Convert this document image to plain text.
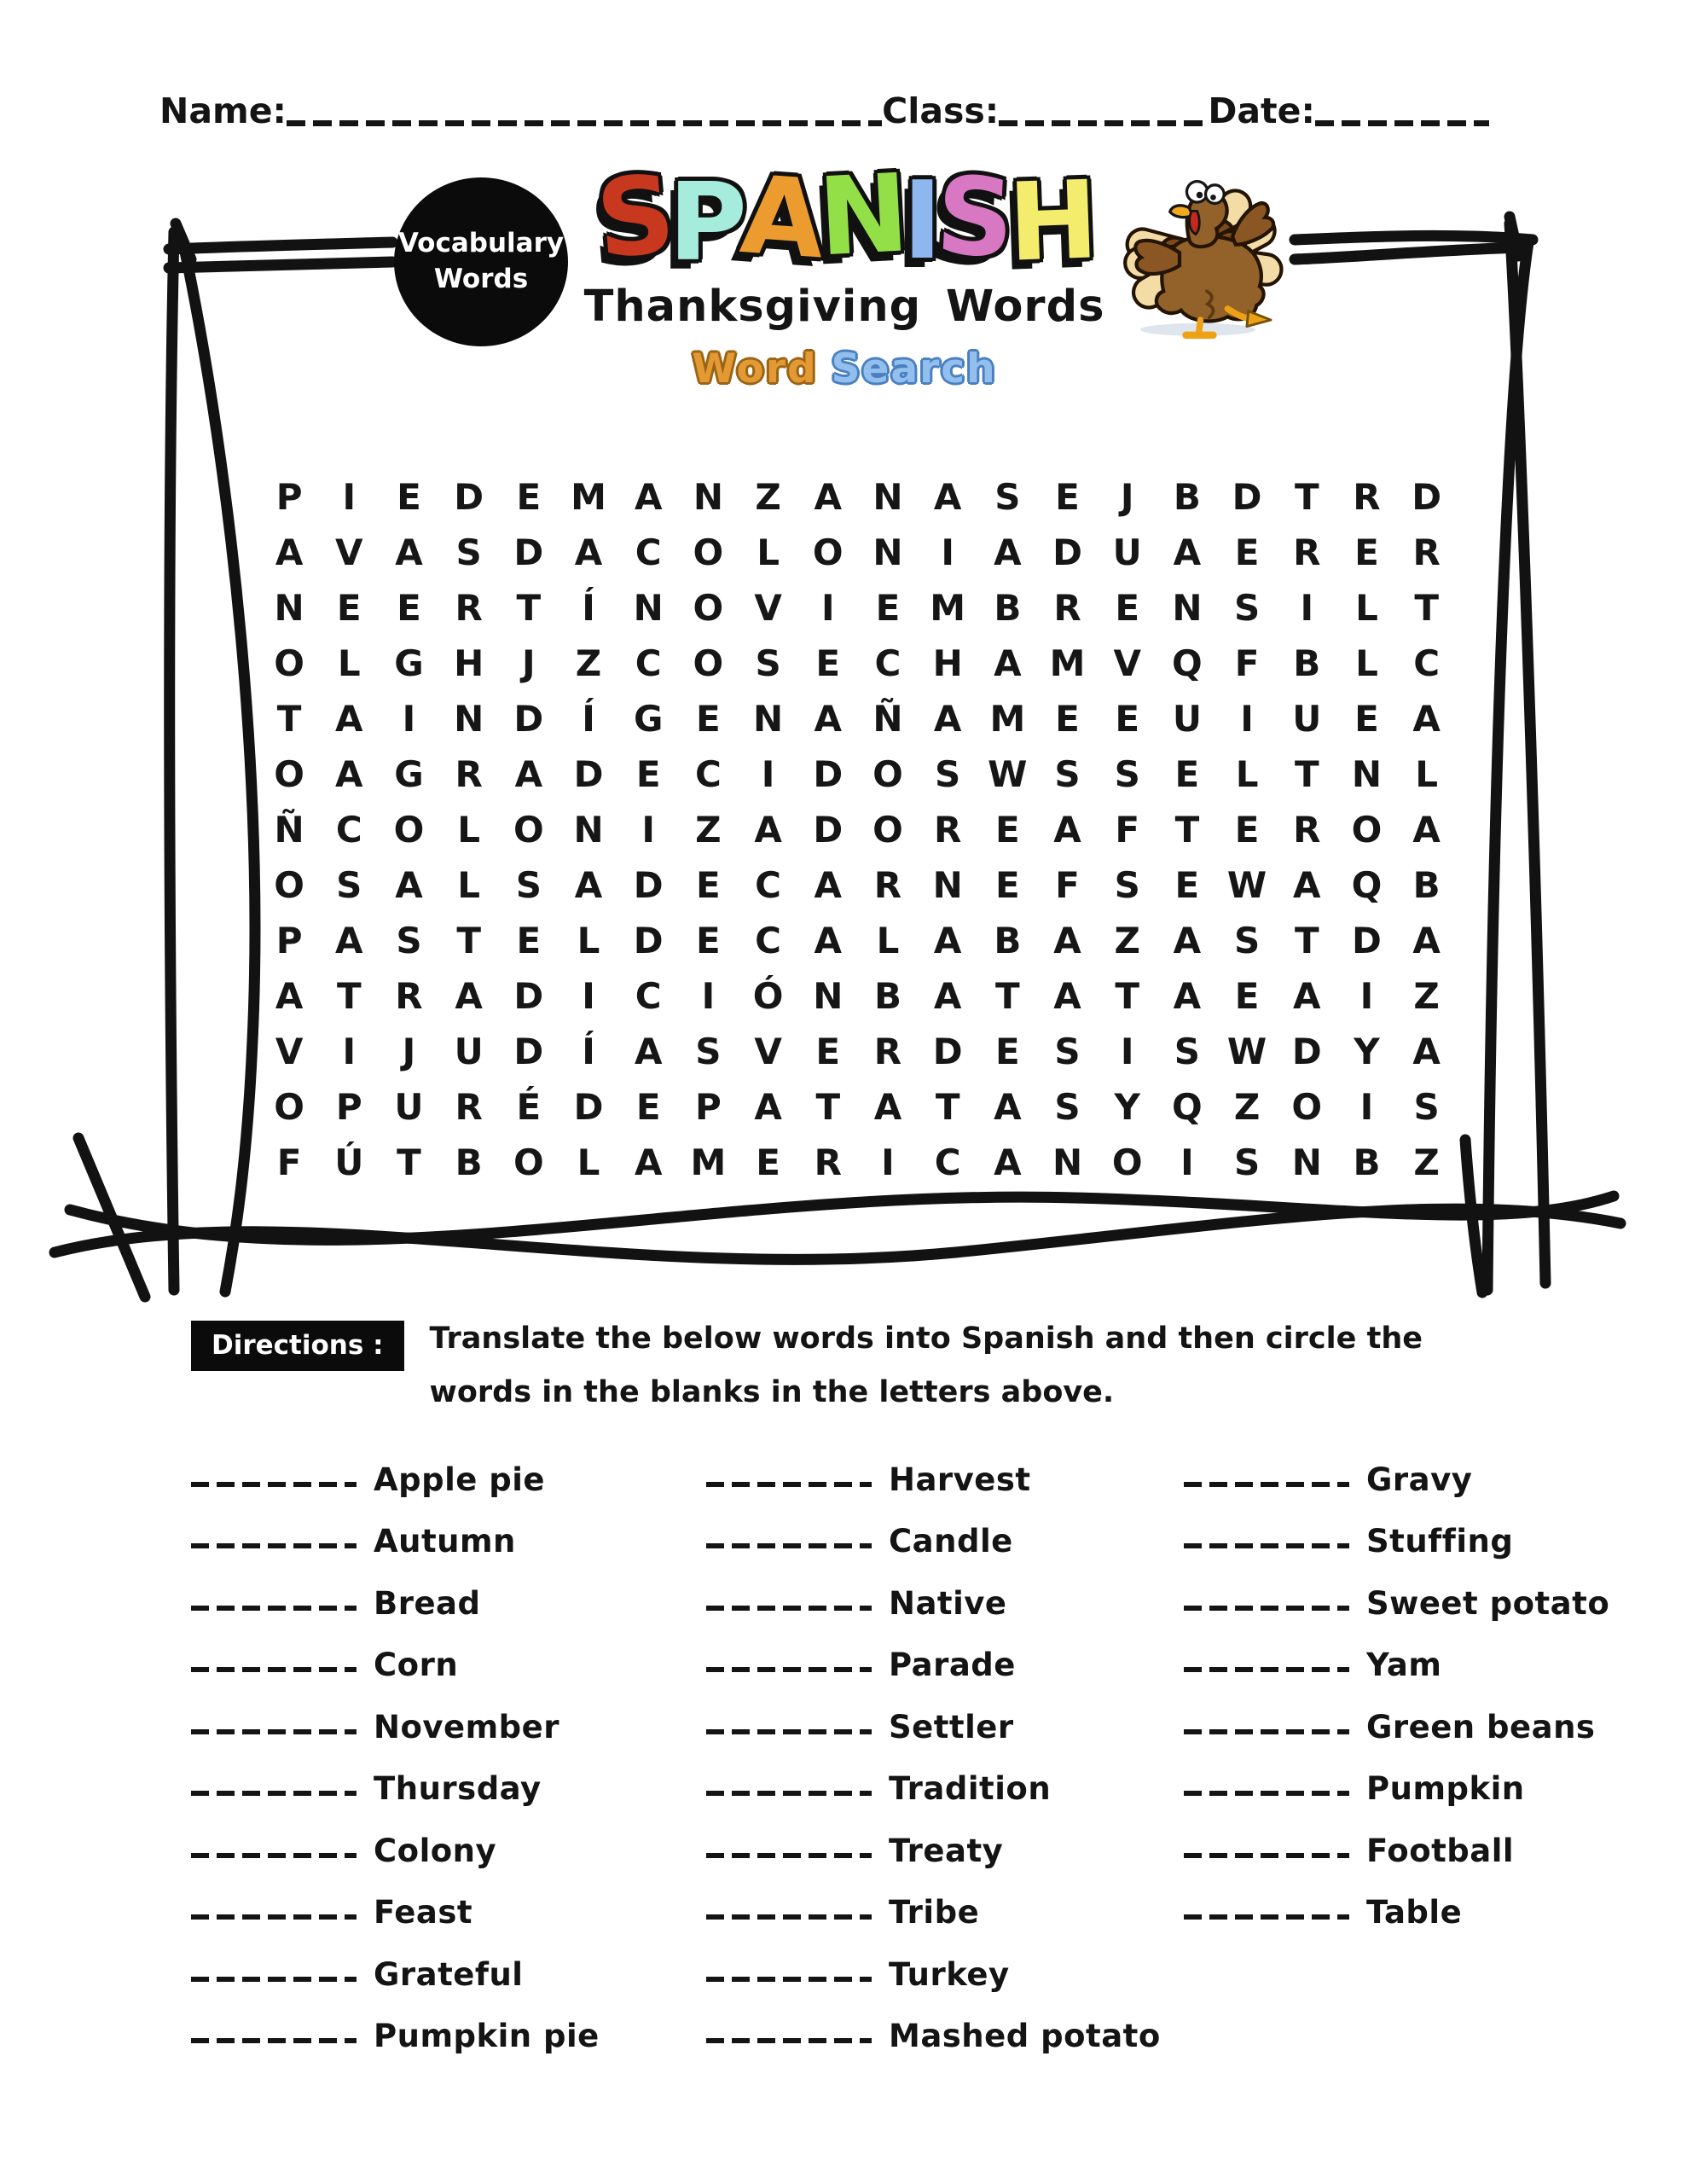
Name:	Class:	Date:
Vocabulary
Words SPANISH
Thanksgiving Words
Word Search
P	I	E D E M A N Z A N A S E	J	B D T R D
A V A S D A C O L O N	I	A D U A E R E R
N E E R T	Í	N O V	I	E M B R E N S	I	L	T
O L G H	J	Z C O S E C H A M V Q F B L C
T A	I	N D	Í	G E N A Ñ A M E E U	I	U E A
O A G R A D E C	I	D O S W S S E	L	T N L
Ñ C O L O N	I	Z A D O R E A F T E R O A
O S A L S A D E C A R N E F S E W A Q B
P A S T E	L D E C A L A B A Z A S T D A
A T R A D	I	C	I	Ó N B A T A T A E A	I	Z
V	I	J	U D	Í	A S V E R D E S	I	S W D Y A
O P U R É D E P A T A T A S Y Q Z O	I	S
F Ú T B O L A M E R	I	C A N O	I	S N B Z
Directions :	Translate the below words into Spanish and then circle the
words in the blanks in the letters above.
Apple pie
Autumn
Bread
Corn
November
Thursday
Colony
Feast
Grateful
Pumpkin pie
Harvest
Candle
Native
Parade
Settler
Tradition
Treaty
Tribe
Turkey
Mashed potato
Gravy
Stuffing
Sweet potato
Yam
Green beans
Pumpkin
Football
Table
